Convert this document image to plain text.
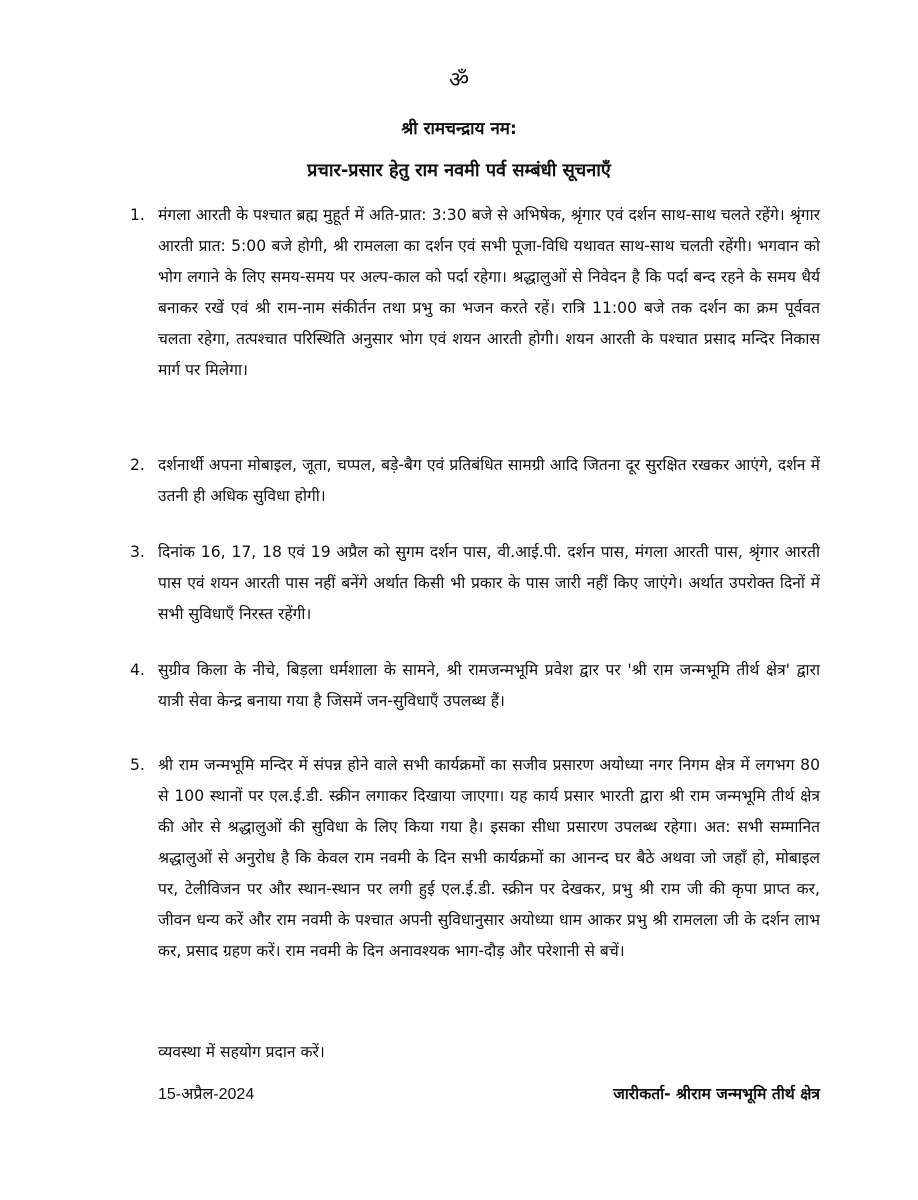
ॐ
श्री रामचन्द्राय नम:
प्रचार-प्रसार हेतु राम नवमी पर्व सम्बंधी सूचनाएँ
1. मंगला आरती के पश्चात ब्रह्म मुहूर्त में अति-प्रात: 3:30 बजे से अभिषेक, श्रृंगार एवं दर्शन साथ-साथ चलते रहेंगे। श्रृंगार आरती प्रात: 5:00 बजे होगी, श्री रामलला का दर्शन एवं सभी पूजा-विधि यथावत साथ-साथ चलती रहेंगी। भगवान को भोग लगाने के लिए समय-समय पर अल्प-काल को पर्दा रहेगा। श्रद्धालुओं से निवेदन है कि पर्दा बन्द रहने के समय धैर्य बनाकर रखें एवं श्री राम-नाम संकीर्तन तथा प्रभु का भजन करते रहें। रात्रि 11:00 बजे तक दर्शन का क्रम पूर्ववत चलता रहेगा, तत्पश्चात परिस्थिति अनुसार भोग एवं शयन आरती होगी। शयन आरती के पश्चात प्रसाद मन्दिर निकास मार्ग पर मिलेगा।
2. दर्शनार्थी अपना मोबाइल, जूता, चप्पल, बड़े-बैग एवं प्रतिबंधित सामग्री आदि जितना दूर सुरक्षित रखकर आएंगे, दर्शन में उतनी ही अधिक सुविधा होगी।
3. दिनांक 16, 17, 18 एवं 19 अप्रैल को सुगम दर्शन पास, वी.आई.पी. दर्शन पास, मंगला आरती पास, श्रृंगार आरती पास एवं शयन आरती पास नहीं बनेंगे अर्थात किसी भी प्रकार के पास जारी नहीं किए जाएंगे। अर्थात उपरोक्त दिनों में सभी सुविधाएँ निरस्त रहेंगी।
4. सुग्रीव किला के नीचे, बिड़ला धर्मशाला के सामने, श्री रामजन्मभूमि प्रवेश द्वार पर 'श्री राम जन्मभूमि तीर्थ क्षेत्र' द्वारा यात्री सेवा केन्द्र बनाया गया है जिसमें जन-सुविधाएँ उपलब्ध हैं।
5. श्री राम जन्मभूमि मन्दिर में संपन्न होने वाले सभी कार्यक्रमों का सजीव प्रसारण अयोध्या नगर निगम क्षेत्र में लगभग 80 से 100 स्थानों पर एल.ई.डी. स्क्रीन लगाकर दिखाया जाएगा। यह कार्य प्रसार भारती द्वारा श्री राम जन्मभूमि तीर्थ क्षेत्र की ओर से श्रद्धालुओं की सुविधा के लिए किया गया है। इसका सीधा प्रसारण उपलब्ध रहेगा। अत: सभी सम्मानित श्रद्धालुओं से अनुरोध है कि केवल राम नवमी के दिन सभी कार्यक्रमों का आनन्द घर बैठे अथवा जो जहाँ हो, मोबाइल पर, टेलीविजन पर और स्थान-स्थान पर लगी हुई एल.ई.डी. स्क्रीन पर देखकर, प्रभु श्री राम जी की कृपा प्राप्त कर, जीवन धन्य करें और राम नवमी के पश्चात अपनी सुविधानुसार अयोध्या धाम आकर प्रभु श्री रामलला जी के दर्शन लाभ कर, प्रसाद ग्रहण करें। राम नवमी के दिन अनावश्यक भाग-दौड़ और परेशानी से बचें।
व्यवस्था में सहयोग प्रदान करें।
15-अप्रैल-2024	जारीकर्ता- श्रीराम जन्मभूमि तीर्थ क्षेत्र
